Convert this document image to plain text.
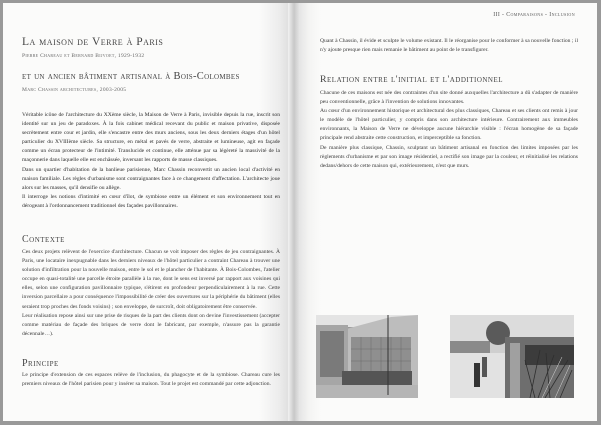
La maison de Verre à Paris
Pierre Chareau et Bernard Bijvoet, 1929-1932
et un ancien bâtiment artisanal à Bois-Colombes
Marc Chassin architectures, 2003-2005

Véritable icône de l'architecture du XXème siècle, la Maison de Verre à Paris, invisible depuis la rue, inscrit son identité sur un jeu de paradoxes. À la fois cabinet médical recevant du public et maison privative, disposée secrètement entre cour et jardin, elle s'encastre entre des murs anciens, sous les deux derniers étages d'un hôtel particulier du XVIIIème siècle. Sa structure, en métal et pavés de verre, abstraite et lumineuse, agit en façade comme un écran protecteur de l'intimité. Translucide et continue, elle atténue par sa légèreté la massivité de la maçonnerie dans laquelle elle est enchâssée, inversant les rapports de masse classiques.

Dans un quartier d'habitation de la banlieue parisienne, Marc Chassin reconvertit un ancien local d'activité en maison familiale. Les règles d'urbanisme sont contraignantes face à ce changement d'affectation. L'architecte joue alors sur les masses, qu'il densifie ou allège.

Il interroge les notions d'intimité en cœur d'îlot, de symbiose entre un élément et son environnement tout en dérogeant à l'ordonnancement traditionnel des façades pavillonnaires.

Contexte

Ces deux projets relèvent de l'exercice d'architecture. Chacun se voit imposer des règles de jeu contraignantes. À Paris, une locataire inexpugnable dans les derniers niveaux de l'hôtel particulier a contraint Chareau à trouver une solution d'infiltration pour la nouvelle maison, entre le sol et le plancher de l'habitante. À Bois-Colombes, l'atelier occupe en quasi-totalité une parcelle étroite parallèle à la rue, dont le sens est inversé par rapport aux voisines qui elles, selon une configuration pavillonnaire typique, s'étirent en profondeur perpendiculairement à la rue. Cette inversion parcellaire a pour conséquence l'impossibilité de créer des ouvertures sur la périphérie du bâtiment (elles seraient trop proches des fonds voisins) ; son enveloppe, de surcroît, doit obligatoirement être conservée.

Leur réalisation repose ainsi sur une prise de risques de la part des clients dont on devine l'investissement (accepter comme matériau de façade des briques de verre dont le fabricant, par exemple, n'assure pas la garantie décennale…).

Principe

Le principe d'extension de ces espaces relève de l'inclusion, du phagocyte et de la symbiose. Chareau cure les premiers niveaux de l'hôtel parisien pour y insérer sa maison. Tout le projet est commandé par cette adjonction.

III - Comparaisons - Inclusion

Quant à Chassin, il évide et sculpte le volume existant. Il le réorganise pour le conformer à sa nouvelle fonction ; il n'y ajoute presque rien mais remanie le bâtiment au point de le transfigurer.

Relation entre l'initial et l'additionnel

Chacune de ces maisons est née des contraintes d'un site donné auxquelles l'architecture a dû s'adapter de manière peu conventionnelle, grâce à l'invention de solutions innovantes.

Au cœur d'un environnement historique et architectural des plus classiques, Chareau et ses clients ont remis à jour le modèle de l'hôtel particulier, y compris dans son architecture intérieure. Contrairement aux immeubles environnants, la Maison de Verre ne développe aucune hiérarchie visible : l'écran homogène de sa façade principale rend abstraite cette construction, et imperceptible sa fonction.

De manière plus classique, Chassin, sculptant un bâtiment artisanal en fonction des limites imposées par les règlements d'urbanisme et par son image résidentiel, a rectifié son image par la couleur, et réinitialisé les relations dedans/dehors de cette maison qui, extérieurement, n'est que murs.
